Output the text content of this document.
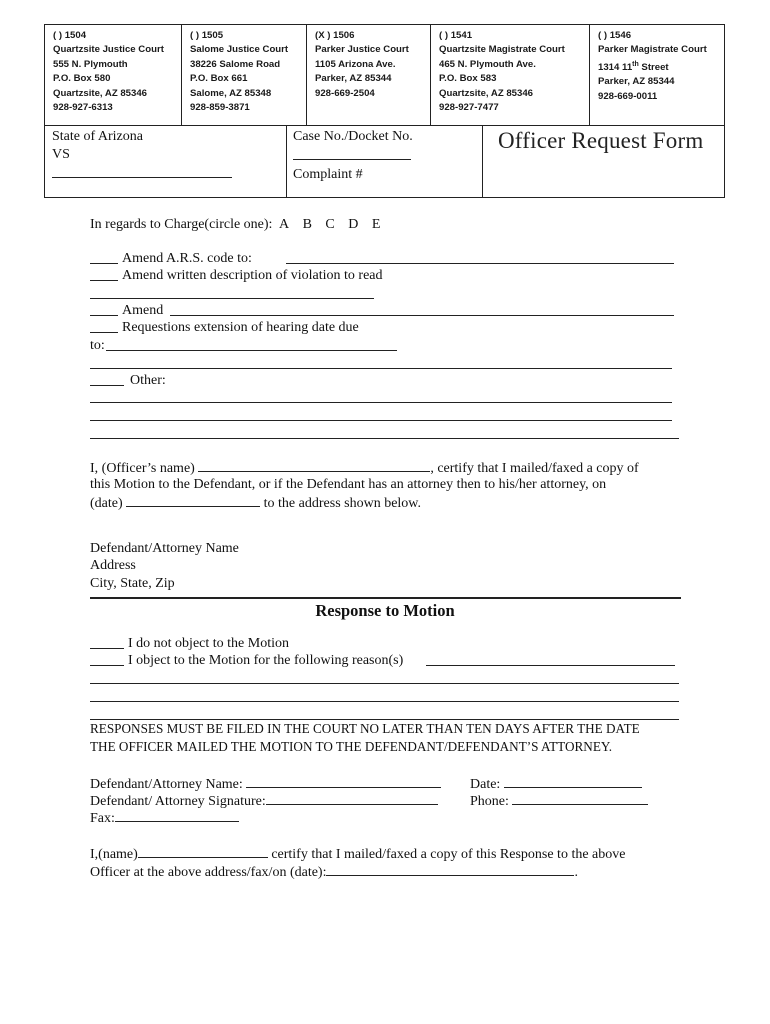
( ) 1504
Quartzsite Justice Court
555 N. Plymouth
P.O. Box 580
Quartzsite, AZ 85346
928-927-6313
( ) 1505
Salome Justice Court
38226 Salome Road
P.O. Box 661
Salome, AZ 85348
928-859-3871
(X ) 1506
Parker Justice Court
1105 Arizona Ave.
Parker, AZ 85344
928-669-2504
( ) 1541
Quartzsite Magistrate Court
465 N. Plymouth Ave.
P.O. Box 583
Quartzsite, AZ 85346
928-927-7477
( ) 1546
Parker Magistrate Court
1314 11th Street
Parker, AZ 85344
928-669-0011
State of Arizona
VS
Case No./Docket No.
Complaint #
Officer Request Form
In regards to Charge(circle one): A B C D E
Amend A.R.S. code to:
Amend written description of violation to read
Amend
Requestions extension of hearing date due
to:
Other:
I, (Officer’s name)	, certify that I mailed/faxed a copy of
this Motion to the Defendant, or if the Defendant has an attorney then to his/her attorney, on
(date)	to the address shown below.
Defendant/Attorney Name
Address
City, State, Zip
Response to Motion
I do not object to the Motion
I object to the Motion for the following reason(s)
RESPONSES MUST BE FILED IN THE COURT NO LATER THAN TEN DAYS AFTER THE DATE
THE OFFICER MAILED THE MOTION TO THE DEFENDANT/DEFENDANT’S ATTORNEY.
Defendant/Attorney Name:	Date:
Defendant/ Attorney Signature:	Phone:
Fax:
I,(name)	certify that I mailed/faxed a copy of this Response to the above
Officer at the above address/fax/on (date):	.
